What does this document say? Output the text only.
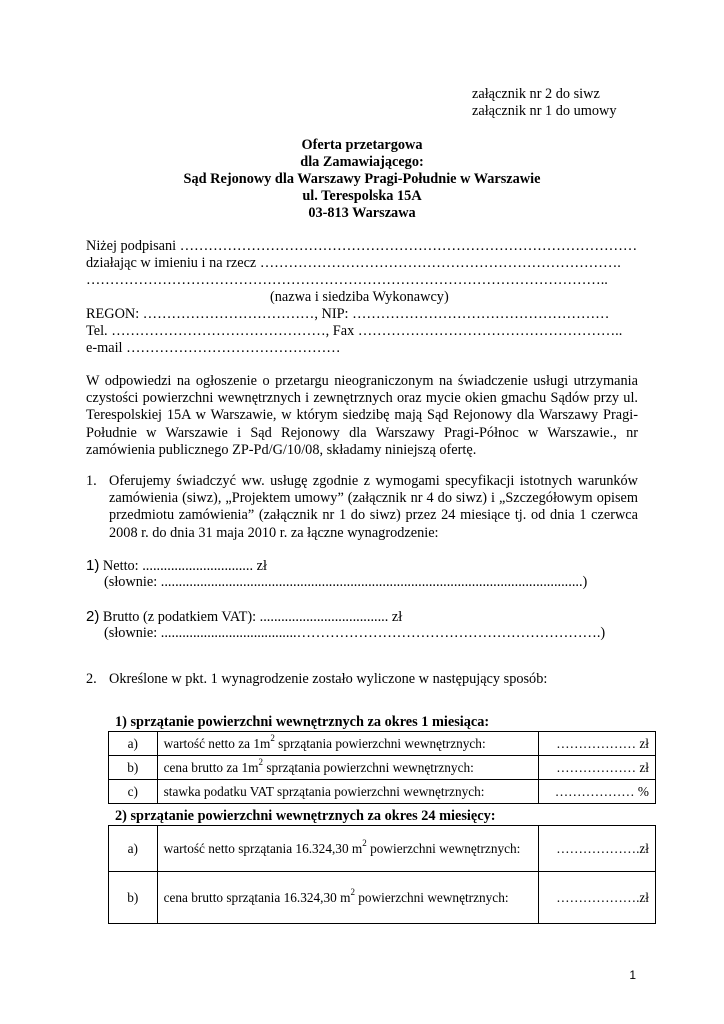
załącznik nr 2 do siwz
załącznik nr 1 do umowy
Oferta przetargowa
dla Zamawiającego:
Sąd Rejonowy dla Warszawy Pragi-Południe w Warszawie
ul. Terespolska 15A
03-813 Warszawa
Niżej podpisani ……………………………………………………………………………………
działając w imieniu i na rzecz ………………………………………………………………….
………………………………………………………………………………………………..
(nazwa i siedziba Wykonawcy)
REGON: ………………………………, NIP: ………………………………………………
Tel. ………………………………………, Fax ………………………………………………..
e-mail ………………………………………
W odpowiedzi na ogłoszenie o przetargu nieograniczonym na świadczenie usługi utrzymania czystości powierzchni wewnętrznych i zewnętrznych oraz mycie okien gmachu Sądów przy ul. Terespolskiej 15A w Warszawie, w którym siedzibę mają Sąd Rejonowy dla Warszawy Pragi- Południe w Warszawie i Sąd Rejonowy dla Warszawy Pragi-Północ w Warszawie., nr zamówienia publicznego ZP-Pd/G/10/08, składamy niniejszą ofertę.
1. Oferujemy świadczyć ww. usługę zgodnie z wymogami specyfikacji istotnych warunków zamówienia (siwz), „Projektem umowy” (załącznik nr 4 do siwz) i „Szczegółowym opisem przedmiotu zamówienia” (załącznik nr 1 do siwz) przez 24 miesiące tj. od dnia 1 czerwca 2008 r. do dnia 31 maja 2010 r. za łączne wynagrodzenie:
1) Netto: ............................... zł
(słownie: ......................................................................................................................)
2) Brutto (z podatkiem VAT): .................................... zł
(słownie: ......................................……………………………………………………….)
2. Określone w pkt. 1 wynagrodzenie zostało wyliczone w następujący sposób:
1) sprzątanie powierzchni wewnętrznych za okres 1 miesiąca:
a)	wartość netto za $1m^2$ sprzątania powierzchni wewnętrznych:	……………… zł
b)	cena brutto za $1m^2$ sprzątania powierzchni wewnętrznych:	……………… zł
c)	stawka podatku VAT sprzątania powierzchni wewnętrznych:	……………… %
2) sprzątanie powierzchni wewnętrznych za okres 24 miesięcy:
a)	wartość netto sprzątania 16.324,30 $m^2$ powierzchni wewnętrznych:	……………….zł
b)	cena brutto sprzątania 16.324,30 $m^2$ powierzchni wewnętrznych:	……………….zł
1
